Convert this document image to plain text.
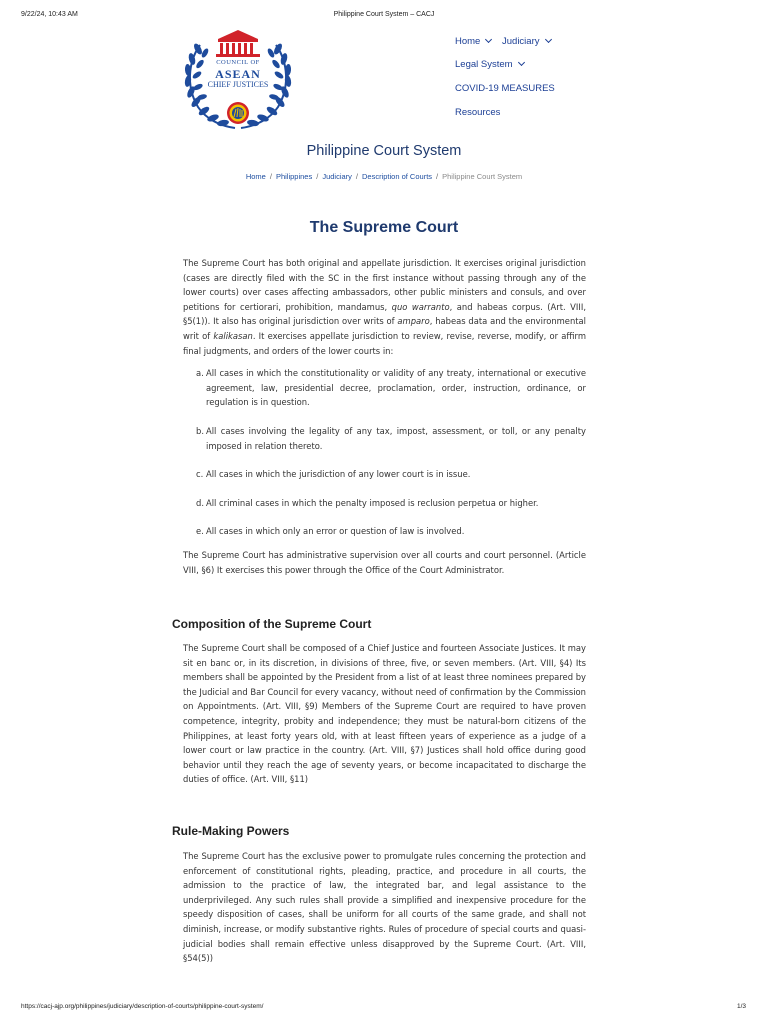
9/22/24, 10:43 AM	Philippine Court System – CACJ
COUNCIL OF
ASEAN
CHIEF JUSTICES
Home	Judiciary
Legal System
COVID-19 MEASURES
Resources
Philippine Court System
Home / Philippines / Judiciary / Description of Courts / Philippine Court System
The Supreme Court
The Supreme Court has both original and appellate jurisdiction. It exercises original jurisdiction (cases are directly filed with the SC in the first instance without passing through any of the lower courts) over cases affecting ambassadors, other public ministers and consuls, and over petitions for certiorari, prohibition, mandamus, quo warranto, and habeas corpus. (Art. VIII, §5(1)). It also has original jurisdiction over writs of amparo, habeas data and the environmental writ of kalikasan. It exercises appellate jurisdiction to review, revise, reverse, modify, or affirm final judgments, and orders of the lower courts in:
a. All cases in which the constitutionality or validity of any treaty, international or executive agreement, law, presidential decree, proclamation, order, instruction, ordinance, or regulation is in question.
b. All cases involving the legality of any tax, impost, assessment, or toll, or any penalty imposed in relation thereto.
c. All cases in which the jurisdiction of any lower court is in issue.
d. All criminal cases in which the penalty imposed is reclusion perpetua or higher.
e. All cases in which only an error or question of law is involved.
The Supreme Court has administrative supervision over all courts and court personnel. (Article VIII, §6) It exercises this power through the Office of the Court Administrator.
Composition of the Supreme Court
The Supreme Court shall be composed of a Chief Justice and fourteen Associate Justices. It may sit en banc or, in its discretion, in divisions of three, five, or seven members. (Art. VIII, §4) Its members shall be appointed by the President from a list of at least three nominees prepared by the Judicial and Bar Council for every vacancy, without need of confirmation by the Commission on Appointments. (Art. VIII, §9) Members of the Supreme Court are required to have proven competence, integrity, probity and independence; they must be natural-born citizens of the Philippines, at least forty years old, with at least fifteen years of experience as a judge of a lower court or law practice in the country. (Art. VIII, §7) Justices shall hold office during good behavior until they reach the age of seventy years, or become incapacitated to discharge the duties of office. (Art. VIII, §11)
Rule-Making Powers
The Supreme Court has the exclusive power to promulgate rules concerning the protection and enforcement of constitutional rights, pleading, practice, and procedure in all courts, the admission to the practice of law, the integrated bar, and legal assistance to the underprivileged. Any such rules shall provide a simplified and inexpensive procedure for the speedy disposition of cases, shall be uniform for all courts of the same grade, and shall not diminish, increase, or modify substantive rights. Rules of procedure of special courts and quasi-judicial bodies shall remain effective unless disapproved by the Supreme Court. (Art. VIII, §54(5))
https://cacj-ajp.org/philippines/judiciary/description-of-courts/philippine-court-system/	1/3
